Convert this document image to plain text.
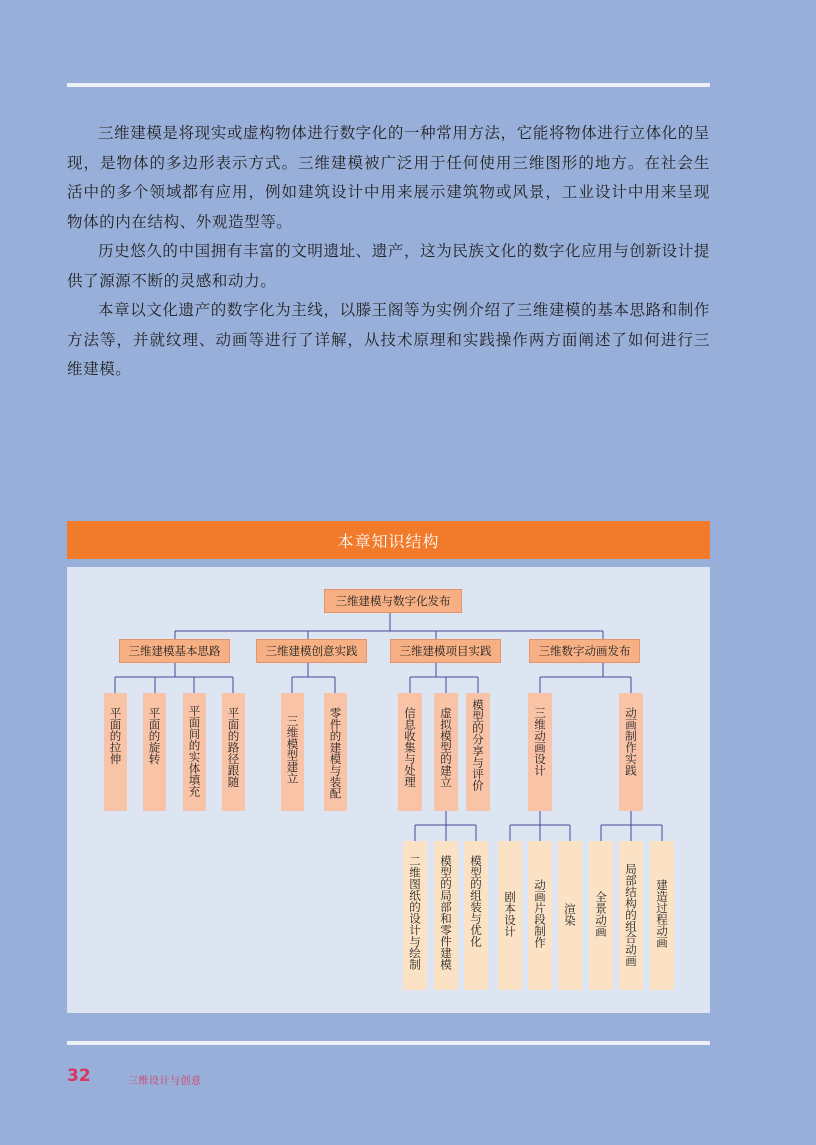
三维建模是将现实或虚构物体进行数字化的一种常用方法，它能将物体进行立体化的呈现，是物体的多边形表示方式。三维建模被广泛用于任何使用三维图形的地方。在社会生活中的多个领域都有应用，例如建筑设计中用来展示建筑物或风景，工业设计中用来呈现物体的内在结构、外观造型等。

历史悠久的中国拥有丰富的文明遗址、遗产，这为民族文化的数字化应用与创新设计提供了源源不断的灵感和动力。

本章以文化遗产的数字化为主线，以滕王阁等为实例介绍了三维建模的基本思路和制作方法等，并就纹理、动画等进行了详解，从技术原理和实践操作两方面阐述了如何进行三维建模。

本章知识结构
三维建模与数字化发布
三维建模基本思路	三维建模创意实践	三维建模项目实践	三维数字动画发布
平面的拉伸 平面的旋转 平面间的实体填充 平面的路径跟随	三维模型建立	零件的建模与装配	信息收集与处理 虚拟模型的建立 模型的分享与评价	三维动画设计	动画制作实践
二维图纸的设计与绘制 模型的局部和零件建模 模型的组装与优化 剧本设计 动画片段制作 渲染 全景动画 局部结构的组合动画 建造过程动画
32	三维设计与创意
